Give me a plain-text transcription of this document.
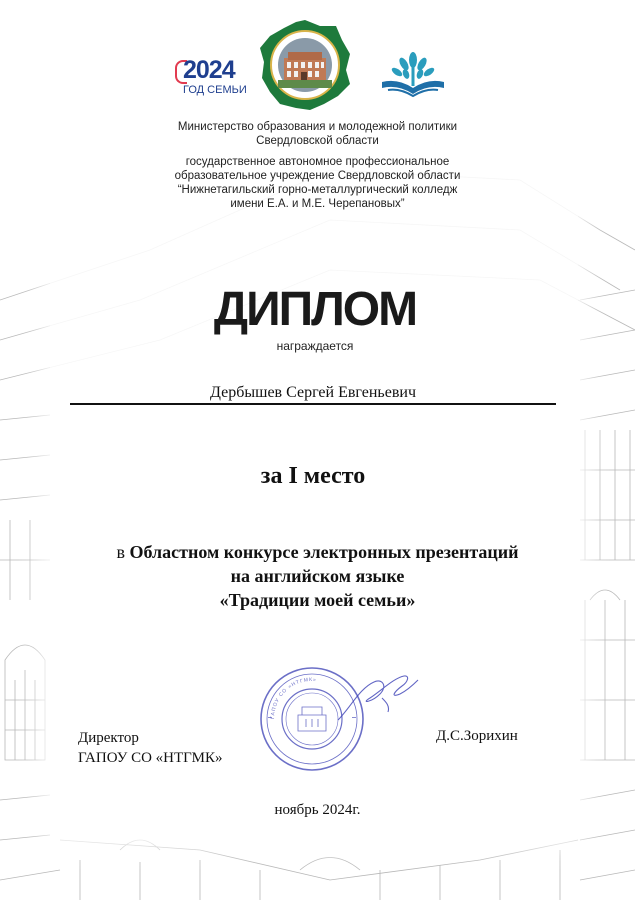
2024
ГОД СЕМЬИ
Министерство образования и молодежной политики
Свердловской области
государственное автономное профессиональное
образовательное учреждение Свердловской области
“Нижнетагильский горно-металлургический колледж
имени Е.А. и М.Е. Черепановых”
ДИПЛОМ
награждается
Дербышев Сергей Евгеньевич
за I место
в Областном конкурсе электронных презентаций
на английском языке
«Традиции моей семьи»
ГАПОУ СО «НТГМК»
Директор
ГАПОУ СО «НТГМК»
Д.С.Зорихин
ноябрь 2024г.
